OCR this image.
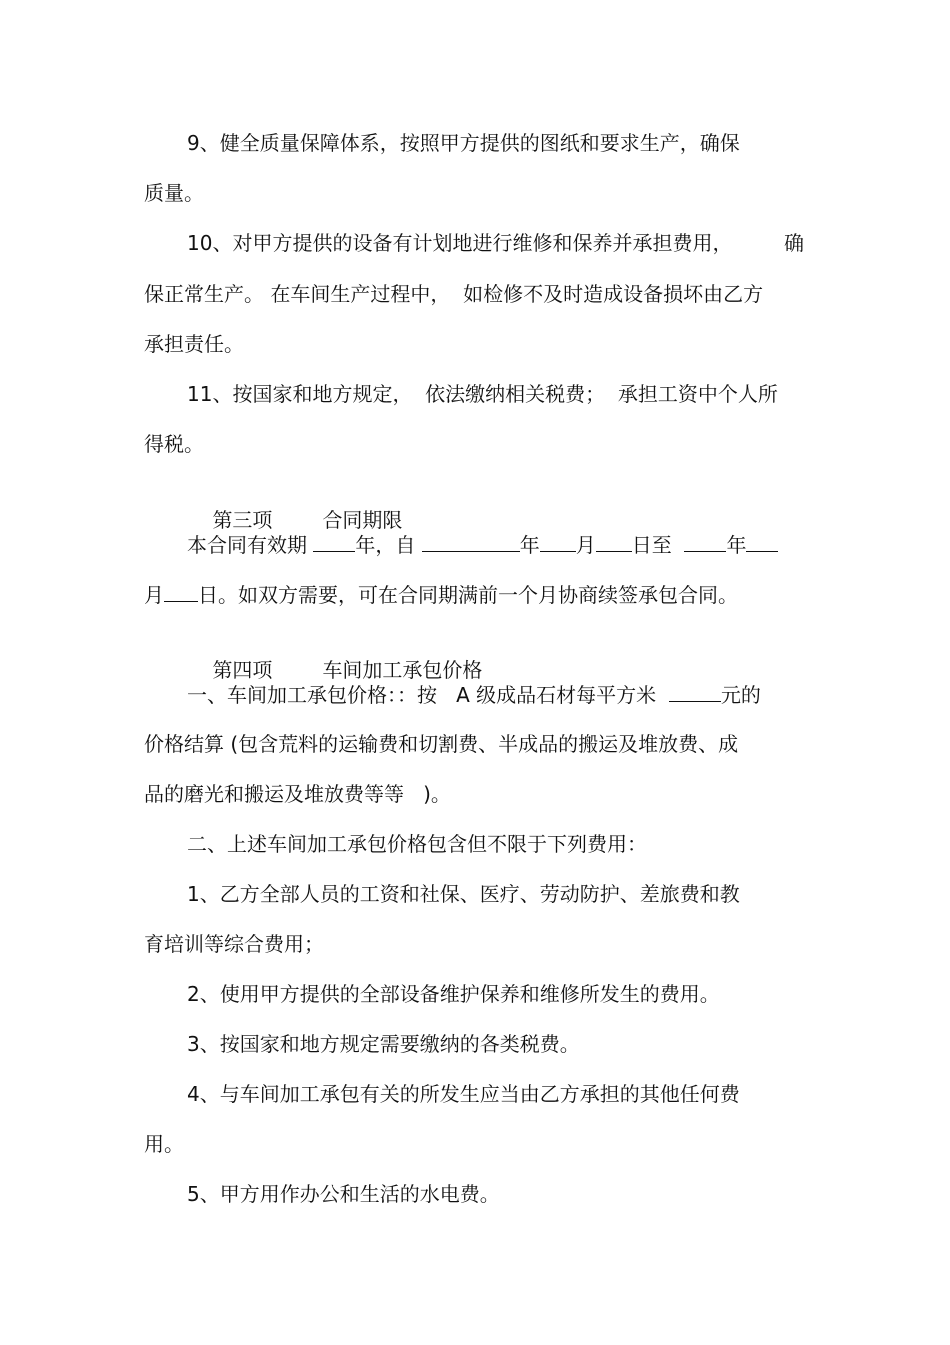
9、健全质量保障体系，按照甲方提供的图纸和要求生产，确保
质量。
10、对甲方提供的设备有计划地进行维修和保养并承担费用，	确
保正常生产。 在车间生产过程中，  如检修不及时造成设备损坏由乙方
承担责任。
11、按国家和地方规定，  依法缴纳相关税费；  承担工资中个人所
得税。

第三项	合同期限

本合同有效期 年，自	年 月 日至	年
月 日。如双方需要，可在合同期满前一个月协商续签承包合同。

第四项	车间加工承包价格

一、车间加工承包价格：：按 A 级成品石材每平方米	元的
价格结算 (包含荒料的运输费和切割费、半成品的搬运及堆放费、成
品的磨光和搬运及堆放费等等   )。
二、上述车间加工承包价格包含但不限于下列费用：
1、乙方全部人员的工资和社保、医疗、劳动防护、差旅费和教
育培训等综合费用；
2、使用甲方提供的全部设备维护保养和维修所发生的费用。
3、按国家和地方规定需要缴纳的各类税费。
4、与车间加工承包有关的所发生应当由乙方承担的其他任何费
用。
5、甲方用作办公和生活的水电费。
